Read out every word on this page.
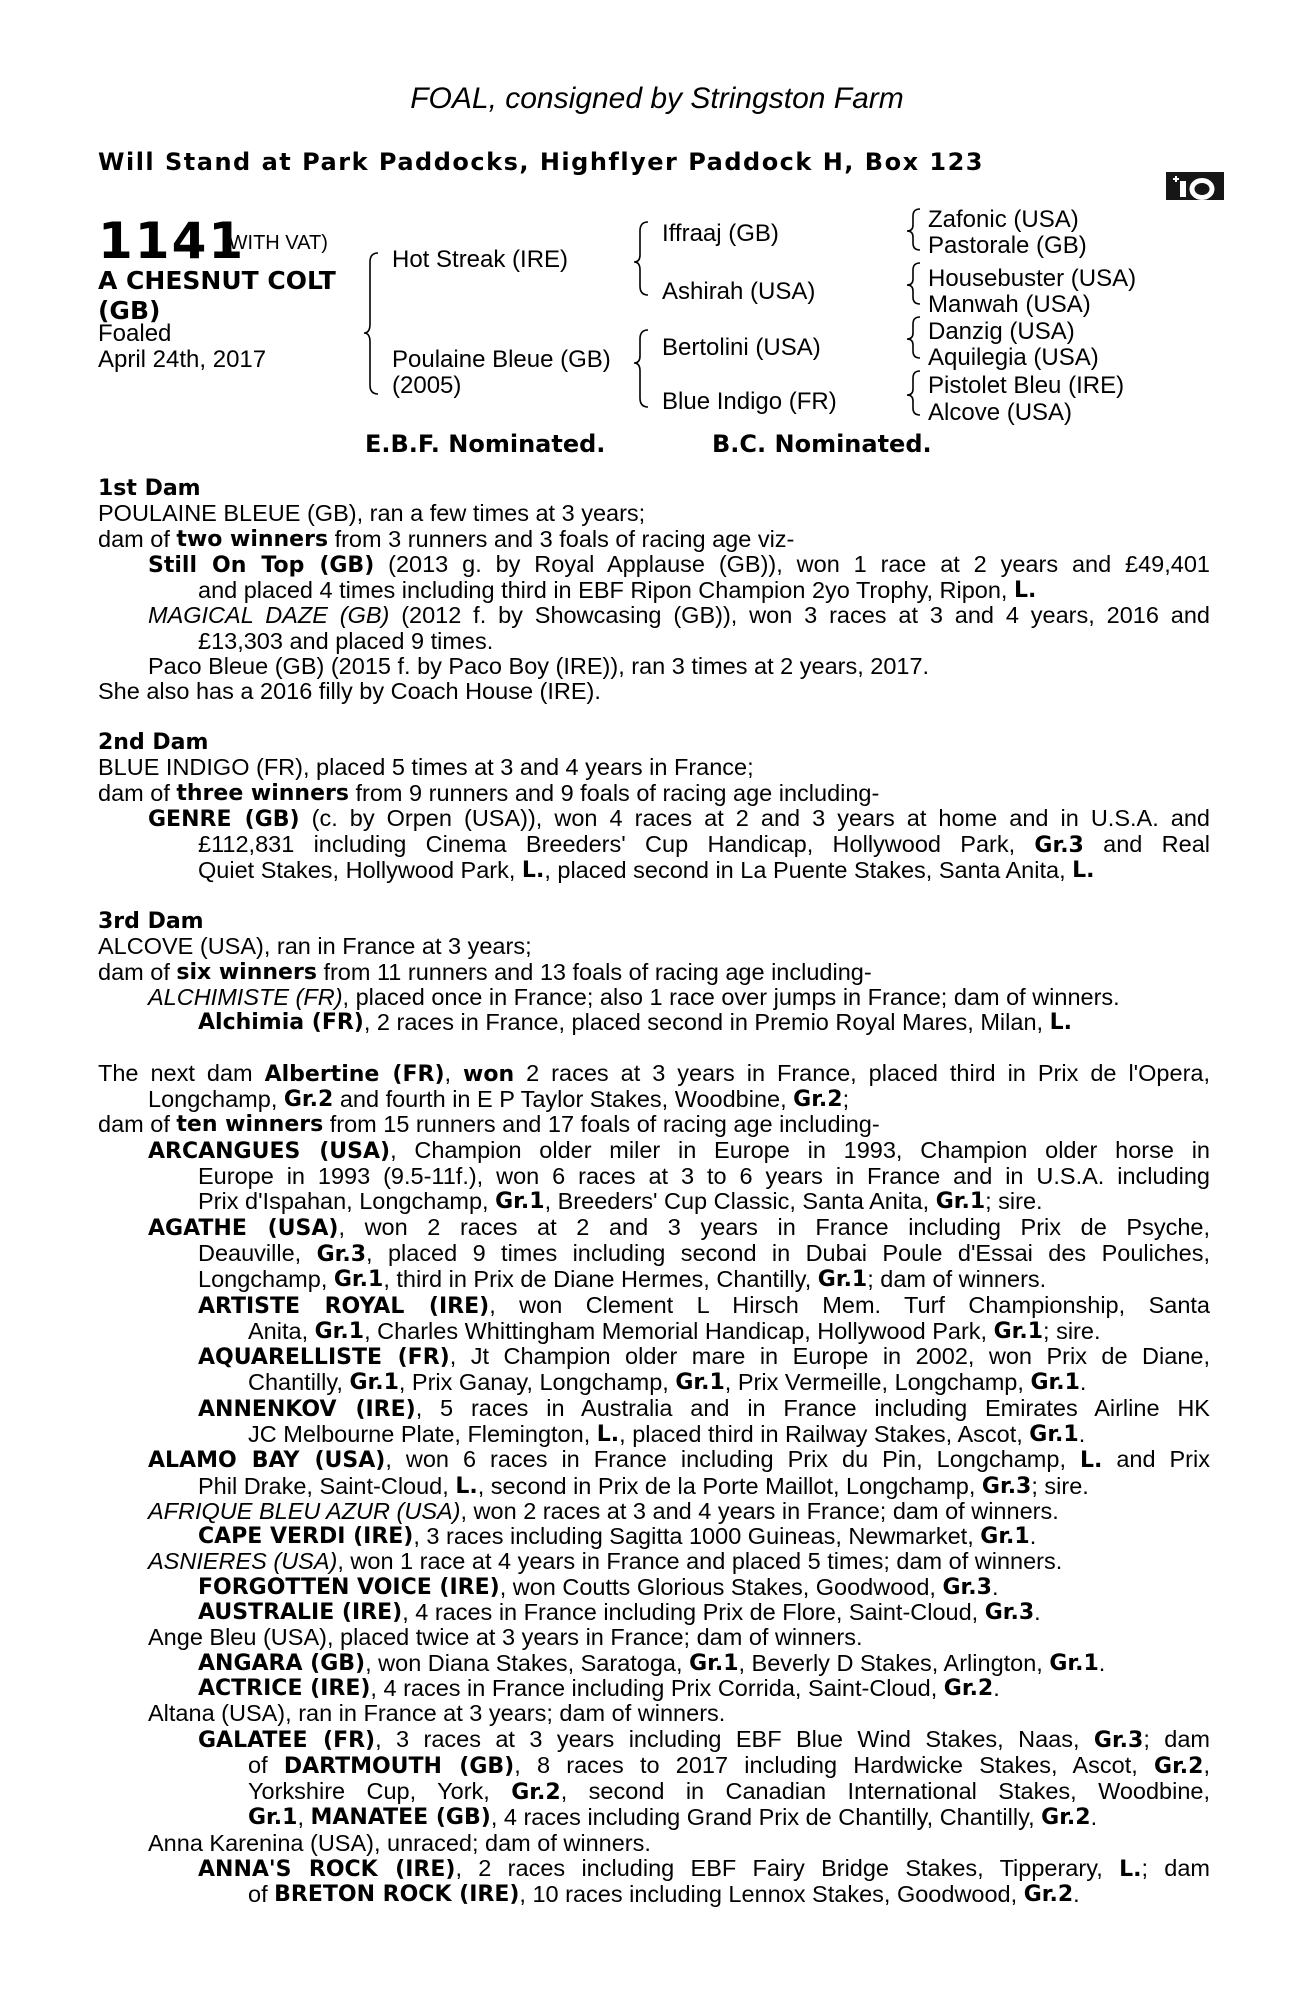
FOAL, consigned by Stringston Farm
Will Stand at Park Paddocks, Highflyer Paddock H, Box 123
1141
(WITH VAT)
A CHESNUT COLT
(GB)
Foaled
April 24th, 2017
Hot Streak (IRE)
Poulaine Bleue (GB)
(2005)
Iffraaj (GB)
Ashirah (USA)
Bertolini (USA)
Blue Indigo (FR)
Zafonic (USA)
Pastorale (GB)
Housebuster (USA)
Manwah (USA)
Danzig (USA)
Aquilegia (USA)
Pistolet Bleu (IRE)
Alcove (USA)
E.B.F. Nominated.	B.C. Nominated.
1st Dam
POULAINE BLEUE (GB), ran a few times at 3 years;
dam of two winners from 3 runners and 3 foals of racing age viz-
Still On Top (GB) (2013 g. by Royal Applause (GB)), won 1 race at 2 years and £49,401
and placed 4 times including third in EBF Ripon Champion 2yo Trophy, Ripon, L.
MAGICAL DAZE (GB) (2012 f. by Showcasing (GB)), won 3 races at 3 and 4 years, 2016 and
£13,303 and placed 9 times.
Paco Bleue (GB) (2015 f. by Paco Boy (IRE)), ran 3 times at 2 years, 2017.
She also has a 2016 filly by Coach House (IRE).
2nd Dam
BLUE INDIGO (FR), placed 5 times at 3 and 4 years in France;
dam of three winners from 9 runners and 9 foals of racing age including-
GENRE (GB) (c. by Orpen (USA)), won 4 races at 2 and 3 years at home and in U.S.A. and
£112,831 including Cinema Breeders' Cup Handicap, Hollywood Park, Gr.3 and Real
Quiet Stakes, Hollywood Park, L. , placed second in La Puente Stakes, Santa Anita, L.
3rd Dam
ALCOVE (USA), ran in France at 3 years;
dam of six winners from 11 runners and 13 foals of racing age including-
ALCHIMISTE (FR) , placed once in France; also 1 race over jumps in France; dam of winners.
Alchimia (FR) , 2 races in France, placed second in Premio Royal Mares, Milan, L.
The next dam Albertine (FR), won 2 races at 3 years in France, placed third in Prix de l'Opera,
Longchamp, Gr.2 and fourth in E P Taylor Stakes, Woodbine, Gr.2 ;
dam of ten winners from 15 runners and 17 foals of racing age including-
ARCANGUES (USA), Champion older miler in Europe in 1993, Champion older horse in
Europe in 1993 (9.5-11f.), won 6 races at 3 to 6 years in France and in U.S.A. including
Prix d'Ispahan, Longchamp, Gr.1 , Breeders' Cup Classic, Santa Anita, Gr.1 ; sire.
AGATHE (USA), won 2 races at 2 and 3 years in France including Prix de Psyche,
Deauville, Gr.3, placed 9 times including second in Dubai Poule d'Essai des Pouliches,
Longchamp, Gr.1 , third in Prix de Diane Hermes, Chantilly, Gr.1 ; dam of winners.
ARTISTE ROYAL (IRE), won Clement L Hirsch Mem. Turf Championship, Santa
Anita, Gr.1 , Charles Whittingham Memorial Handicap, Hollywood Park, Gr.1 ; sire.
AQUARELLISTE (FR), Jt Champion older mare in Europe in 2002, won Prix de Diane,
Chantilly, Gr.1 , Prix Ganay, Longchamp, Gr.1 , Prix Vermeille, Longchamp, Gr.1 .
ANNENKOV (IRE), 5 races in Australia and in France including Emirates Airline HK
JC Melbourne Plate, Flemington, L. , placed third in Railway Stakes, Ascot, Gr.1 .
ALAMO BAY (USA), won 6 races in France including Prix du Pin, Longchamp, L. and Prix
Phil Drake, Saint-Cloud, L. , second in Prix de la Porte Maillot, Longchamp, Gr.3 ; sire.
AFRIQUE BLEU AZUR (USA) , won 2 races at 3 and 4 years in France; dam of winners.
CAPE VERDI (IRE) , 3 races including Sagitta 1000 Guineas, Newmarket, Gr.1 .
ASNIERES (USA) , won 1 race at 4 years in France and placed 5 times; dam of winners.
FORGOTTEN VOICE (IRE) , won Coutts Glorious Stakes, Goodwood, Gr.3 .
AUSTRALIE (IRE) , 4 races in France including Prix de Flore, Saint-Cloud, Gr.3 .
Ange Bleu (USA), placed twice at 3 years in France; dam of winners.
ANGARA (GB) , won Diana Stakes, Saratoga, Gr.1 , Beverly D Stakes, Arlington, Gr.1 .
ACTRICE (IRE) , 4 races in France including Prix Corrida, Saint-Cloud, Gr.2 .
Altana (USA), ran in France at 3 years; dam of winners.
GALATEE (FR), 3 races at 3 years including EBF Blue Wind Stakes, Naas, Gr.3; dam
of DARTMOUTH (GB), 8 races to 2017 including Hardwicke Stakes, Ascot, Gr.2,
Yorkshire Cup, York, Gr.2, second in Canadian International Stakes, Woodbine,
Gr.1 , MANATEE (GB) , 4 races including Grand Prix de Chantilly, Chantilly, Gr.2 .
Anna Karenina (USA), unraced; dam of winners.
ANNA'S ROCK (IRE), 2 races including EBF Fairy Bridge Stakes, Tipperary, L.; dam
of BRETON ROCK (IRE) , 10 races including Lennox Stakes, Goodwood, Gr.2 .
